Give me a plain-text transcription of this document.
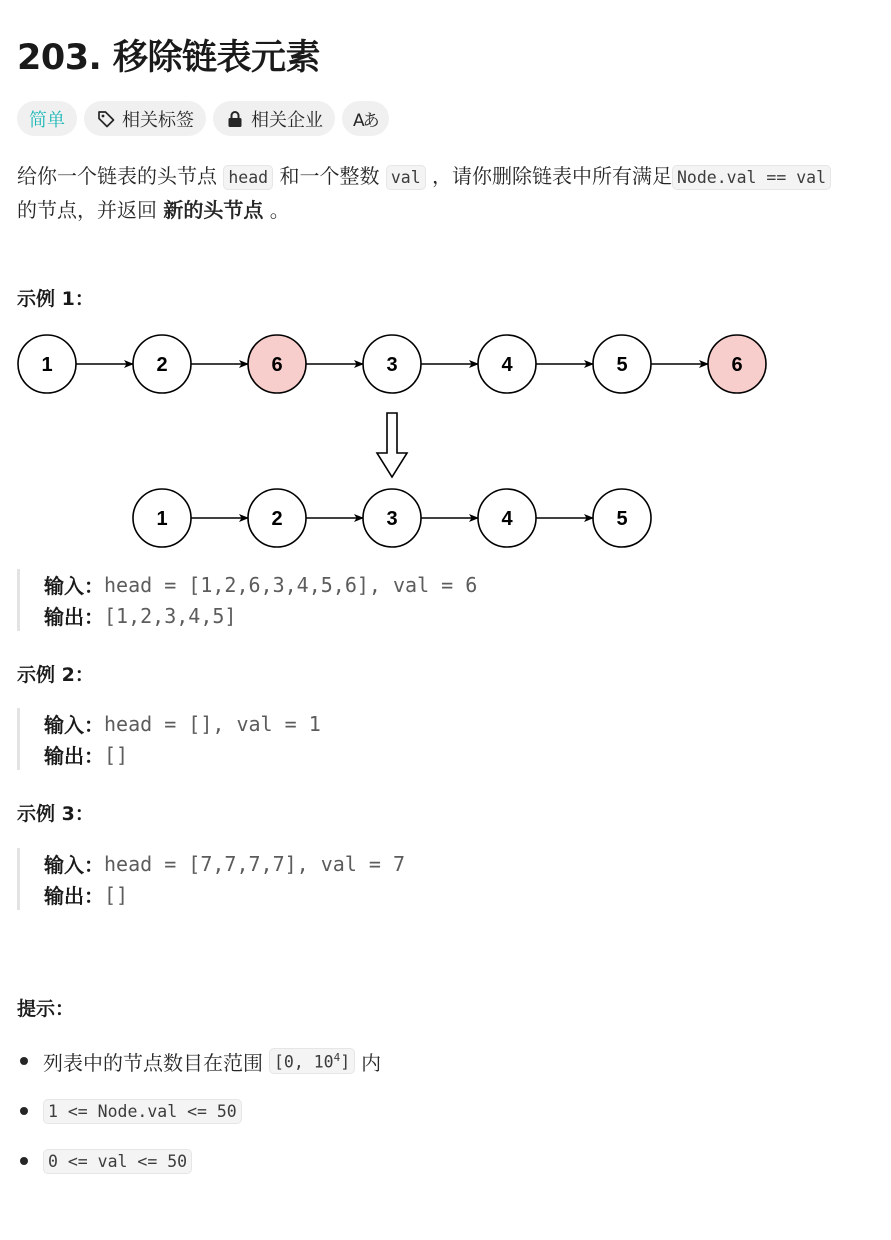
203. 移除链表元素
简单	相关标签	相关企业 Aあ
给你一个链表的头节点 head 和一个整数 val ，请你删除链表中所有满足 Node.val == val
的节点，并返回 新的头节点 。
示例 1：
1	2	6	3	4	5	6
1	2	3	4	5
输入： head = [1,2,6,3,4,5,6], val = 6
输出： [1,2,3,4,5]
示例 2：
输入： head = [], val = 1
输出： []
示例 3：
输入： head = [7,7,7,7], val = 7
输出： []
提示：
列表中的节点数目在范围 [0, $10^4$] 内
1 <= Node.val <= 50
0 <= val <= 50
